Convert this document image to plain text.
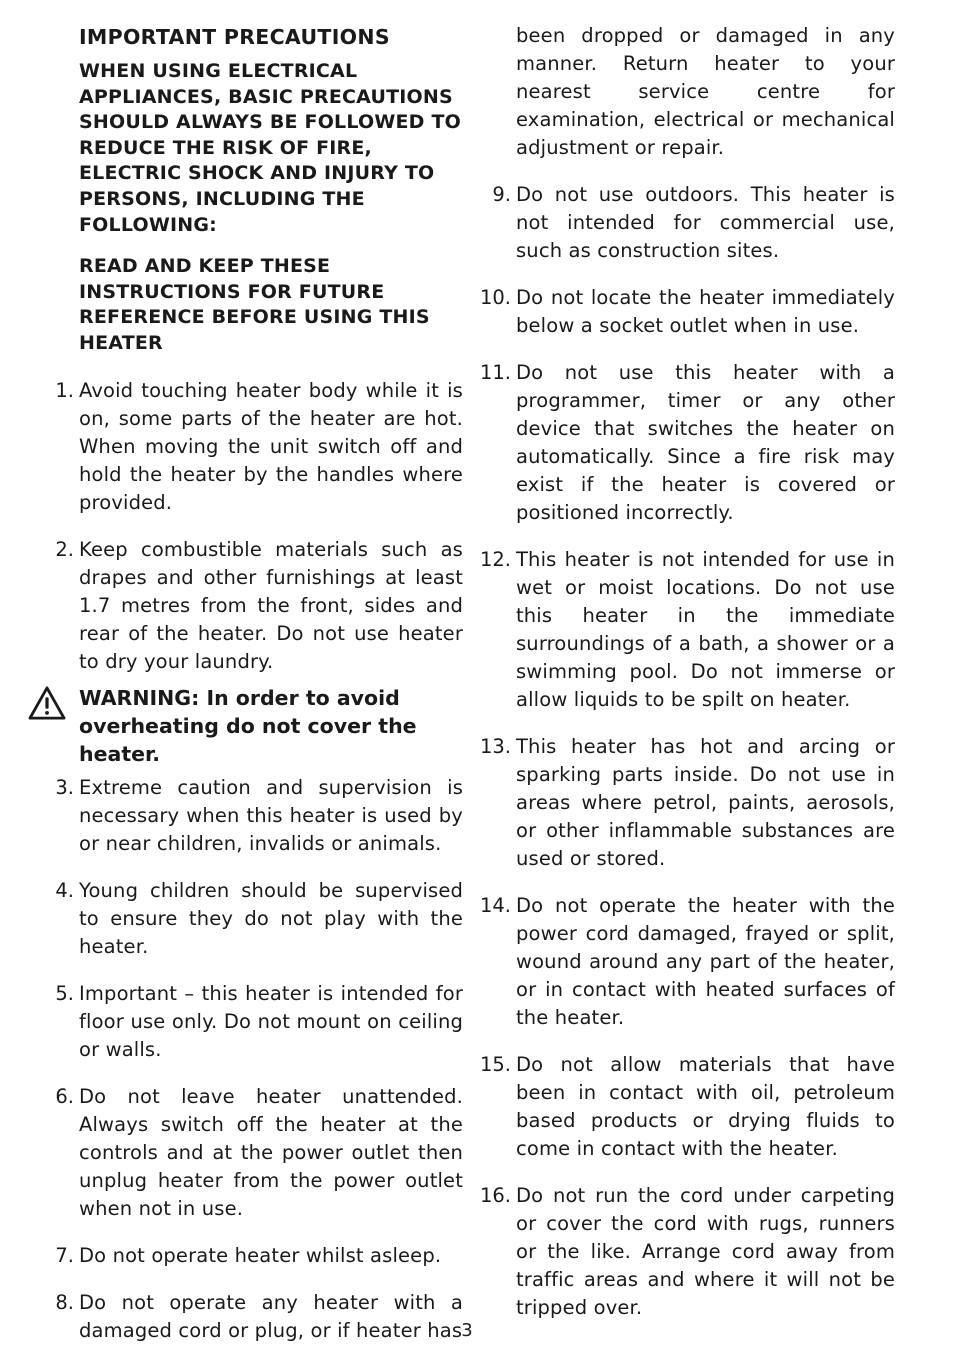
IMPORTANT PRECAUTIONS

WHEN USING ELECTRICAL APPLIANCES, BASIC PRECAUTIONS SHOULD ALWAYS BE FOLLOWED TO REDUCE THE RISK OF FIRE, ELECTRIC SHOCK AND INJURY TO PERSONS, INCLUDING THE FOLLOWING:

READ AND KEEP THESE INSTRUCTIONS FOR FUTURE REFERENCE BEFORE USING THIS HEATER

1. Avoid touching heater body while it is on, some parts of the heater are hot. When moving the unit switch off and hold the heater by the handles where provided.

2. Keep combustible materials such as drapes and other furnishings at least 1.7 metres from the front, sides and rear of the heater. Do not use heater to dry your laundry.

WARNING: In order to avoid overheating do not cover the heater.

3. Extreme caution and supervision is necessary when this heater is used by or near children, invalids or animals.

4. Young children should be supervised to ensure they do not play with the heater.

5. Important – this heater is intended for floor use only. Do not mount on ceiling or walls.

6. Do not leave heater unattended. Always switch off the heater at the controls and at the power outlet then unplug heater from the power outlet when not in use.

7. Do not operate heater whilst asleep.

8. Do not operate any heater with a damaged cord or plug, or if heater has

been dropped or damaged in any manner. Return heater to your nearest service centre for examination, electrical or mechanical adjustment or repair.

9. Do not use outdoors. This heater is not intended for commercial use, such as construction sites.

10. Do not locate the heater immediately below a socket outlet when in use.

11. Do not use this heater with a programmer, timer or any other device that switches the heater on automatically. Since a fire risk may exist if the heater is covered or positioned incorrectly.

12. This heater is not intended for use in wet or moist locations. Do not use this heater in the immediate surroundings of a bath, a shower or a swimming pool. Do not immerse or allow liquids to be spilt on heater.

13. This heater has hot and arcing or sparking parts inside. Do not use in areas where petrol, paints, aerosols, or other inflammable substances are used or stored.

14. Do not operate the heater with the power cord damaged, frayed or split, wound around any part of the heater, or in contact with heated surfaces of the heater.

15. Do not allow materials that have been in contact with oil, petroleum based products or drying fluids to come in contact with the heater.

16. Do not run the cord under carpeting or cover the cord with rugs, runners or the like. Arrange cord away from traffic areas and where it will not be tripped over.

3
